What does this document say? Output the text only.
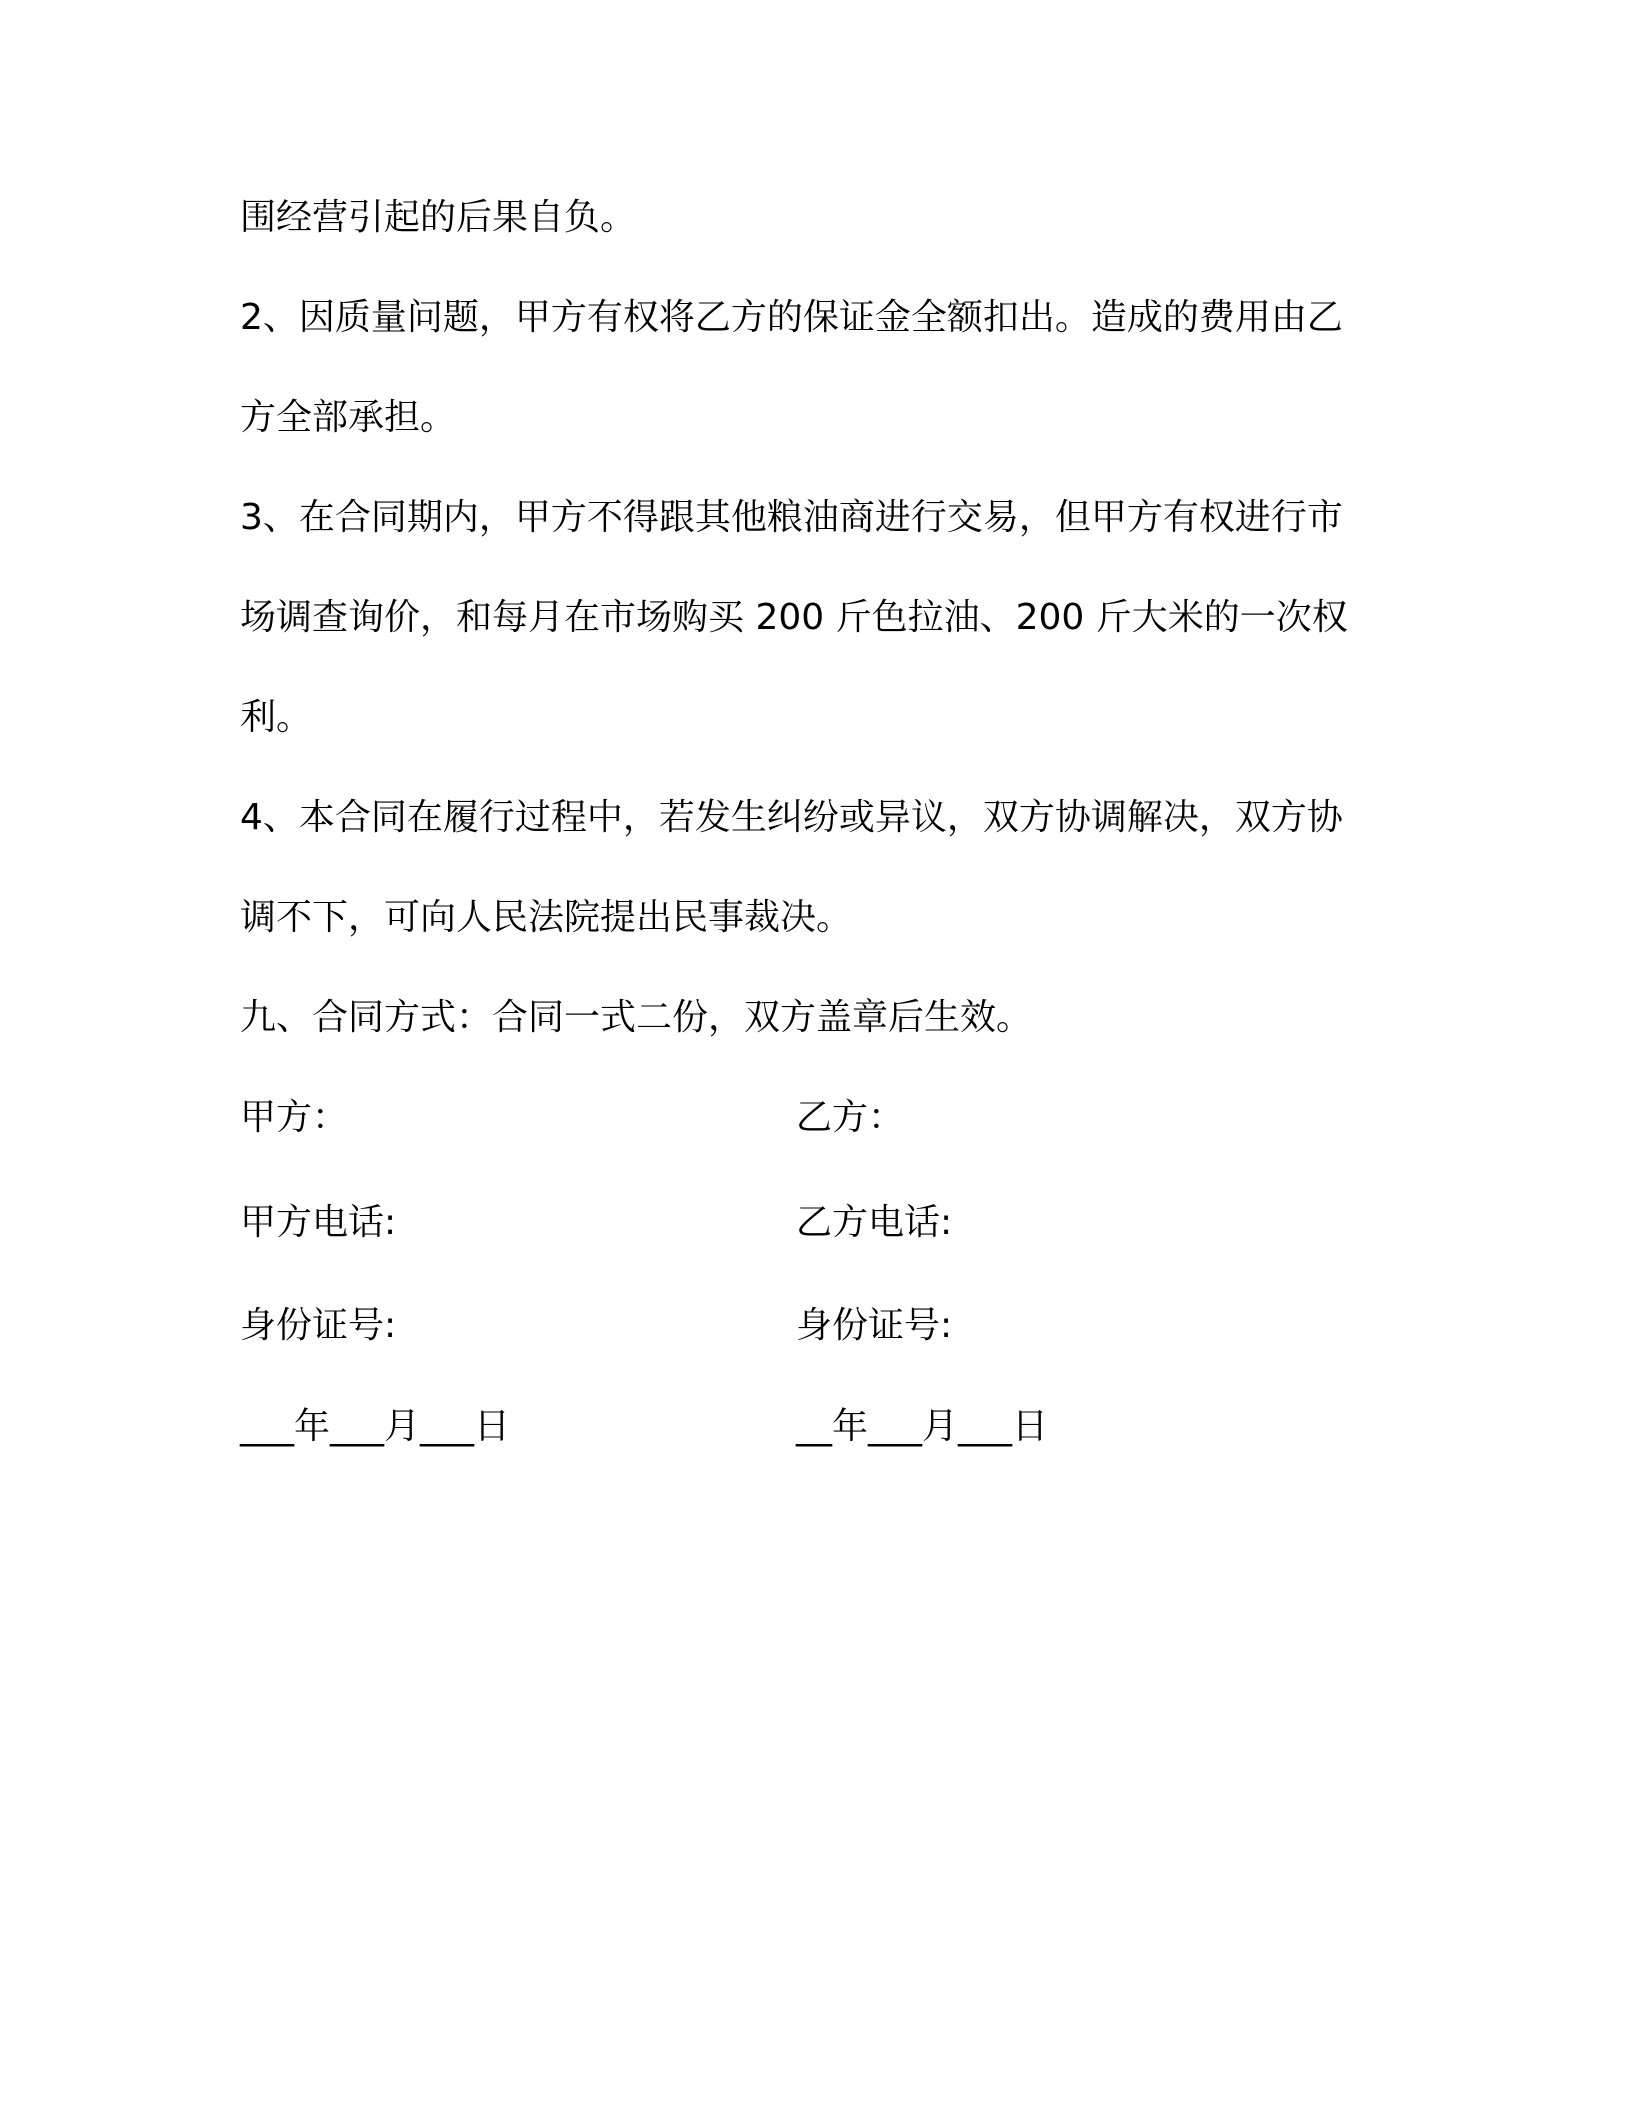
围经营引起的后果自负。
2、因质量问题，甲方有权将乙方的保证金全额扣出。造成的费用由乙
方全部承担。
3、在合同期内，甲方不得跟其他粮油商进行交易，但甲方有权进行市
场调查询价，和每月在市场购买 200 斤色拉油、200 斤大米的一次权
利。
4、本合同在履行过程中，若发生纠纷或异议，双方协调解决，双方协
调不下，可向人民法院提出民事裁决。
九、合同方式：合同一式二份，双方盖章后生效。
甲方：	乙方：
甲方电话:	乙方电话:
身份证号:	身份证号:
___年___月___日	__年___月___日
